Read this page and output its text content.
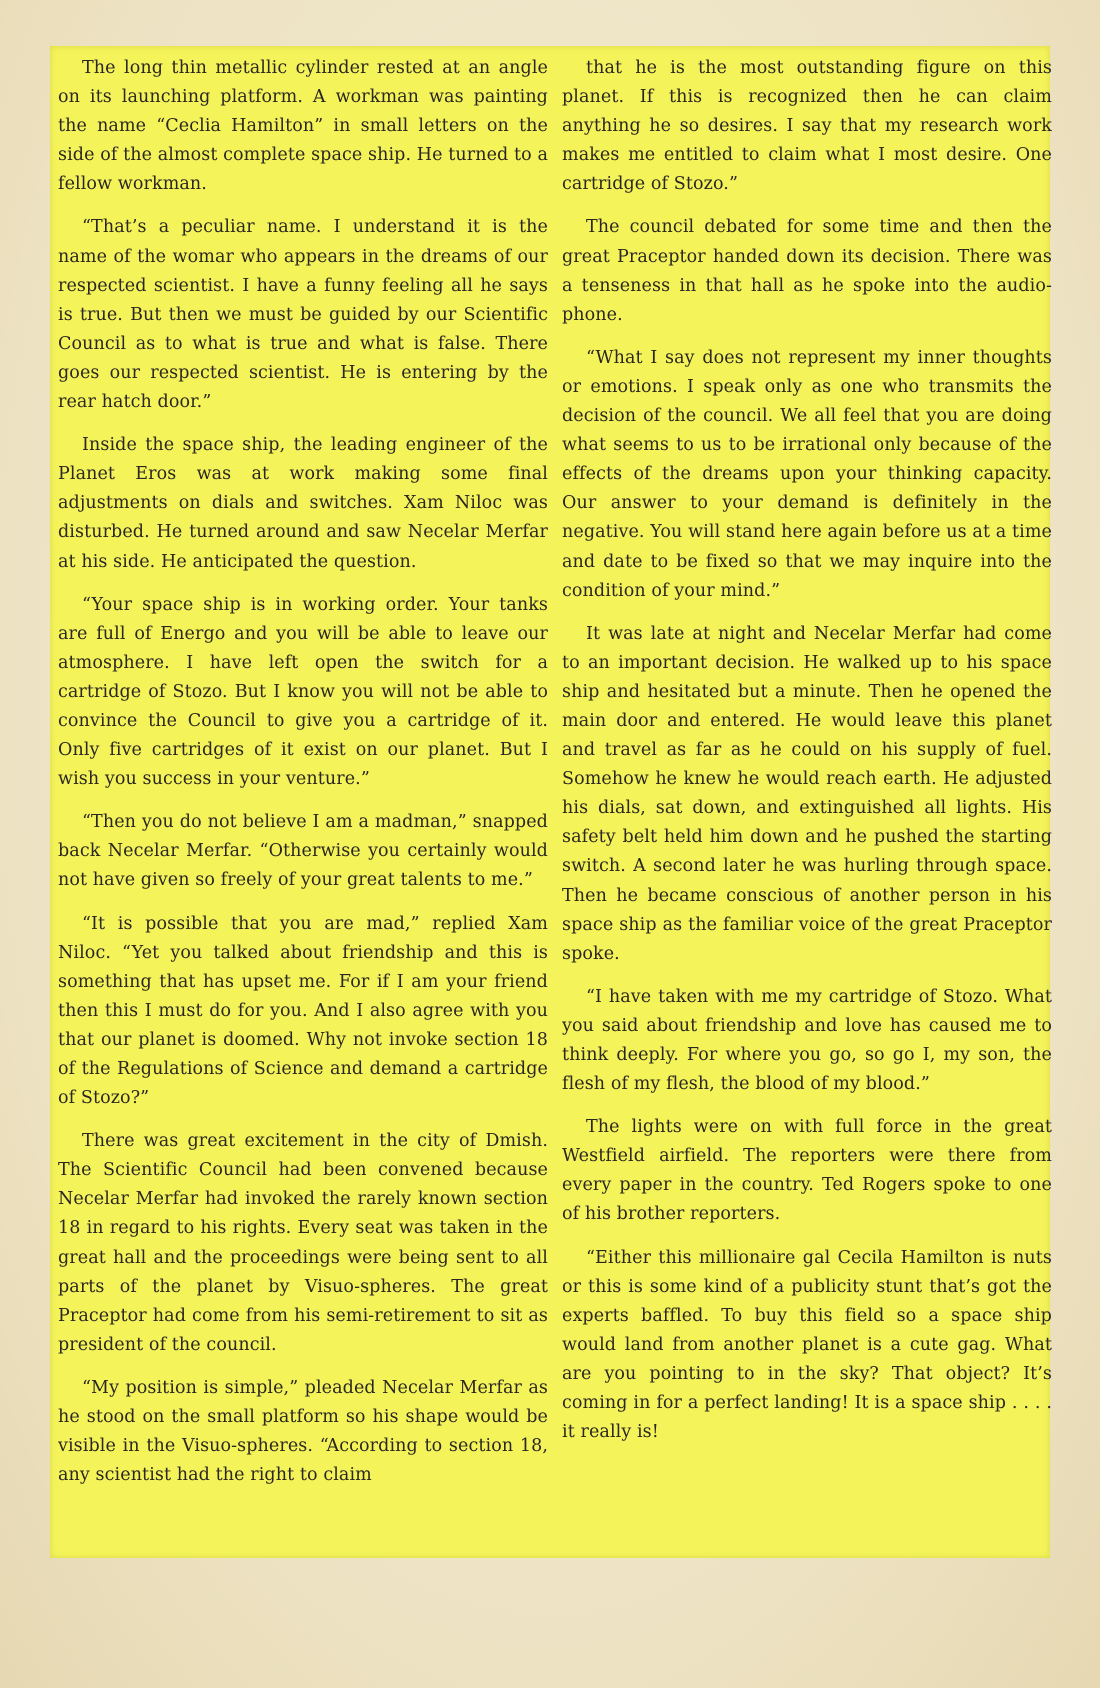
The long thin metallic cylinder rested at an angle on its launching platform. A workman was painting the name “Ceclia Hamilton” in small letters on the side of the almost complete space ship. He turned to a fellow workman.

“That’s a peculiar name. I understand it is the name of the womar who appears in the dreams of our respected scientist. I have a funny feeling all he says is true. But then we must be guided by our Scientific Council as to what is true and what is false. There goes our respected scientist. He is entering by the rear hatch door.”

Inside the space ship, the leading engineer of the Planet Eros was at work making some final adjustments on dials and switches. Xam Niloc was disturbed. He turned around and saw Necelar Merfar at his side. He anticipated the question.

“Your space ship is in working order. Your tanks are full of Energo and you will be able to leave our atmosphere. I have left open the switch for a cartridge of Stozo. But I know you will not be able to convince the Council to give you a cartridge of it. Only five cartridges of it exist on our planet. But I wish you success in your venture.”

“Then you do not believe I am a madman,” snapped back Necelar Merfar. “Otherwise you certainly would not have given so freely of your great talents to me.”

“It is possible that you are mad,” replied Xam Niloc. “Yet you talked about friendship and this is something that has upset me. For if I am your friend then this I must do for you. And I also agree with you that our planet is doomed. Why not invoke section 18 of the Regulations of Science and demand a cartridge of Stozo?”

There was great excitement in the city of Dmish. The Scientific Council had been convened because Necelar Merfar had invoked the rarely known section 18 in regard to his rights. Every seat was taken in the great hall and the proceedings were being sent to all parts of the planet by Visuo-spheres. The great Praceptor had come from his semi-retirement to sit as president of the council.

“My position is simple,” pleaded Necelar Merfar as he stood on the small platform so his shape would be visible in the Visuo-spheres. “According to section 18, any scientist had the right to claim

that he is the most outstanding figure on this planet. If this is recognized then he can claim anything he so desires. I say that my research work makes me entitled to claim what I most desire. One cartridge of Stozo.”

The council debated for some time and then the great Praceptor handed down its decision. There was a tenseness in that hall as he spoke into the audio-phone.

“What I say does not represent my inner thoughts or emotions. I speak only as one who transmits the decision of the council. We all feel that you are doing what seems to us to be irrational only because of the effects of the dreams upon your thinking capacity. Our answer to your demand is definitely in the negative. You will stand here again before us at a time and date to be fixed so that we may inquire into the condition of your mind.”

It was late at night and Necelar Merfar had come to an important decision. He walked up to his space ship and hesitated but a minute. Then he opened the main door and entered. He would leave this planet and travel as far as he could on his supply of fuel. Somehow he knew he would reach earth. He adjusted his dials, sat down, and extinguished all lights. His safety belt held him down and he pushed the starting switch. A second later he was hurling through space. Then he became conscious of another person in his space ship as the familiar voice of the great Praceptor spoke.

“I have taken with me my cartridge of Stozo. What you said about friendship and love has caused me to think deeply. For where you go, so go I, my son, the flesh of my flesh, the blood of my blood.”

The lights were on with full force in the great Westfield airfield. The reporters were there from every paper in the country. Ted Rogers spoke to one of his brother reporters.

“Either this millionaire gal Cecila Hamilton is nuts or this is some kind of a publicity stunt that’s got the experts baffled. To buy this field so a space ship would land from another planet is a cute gag. What are you pointing to in the sky? That object? It’s coming in for a perfect landing! It is a space ship . . . . it really is!
